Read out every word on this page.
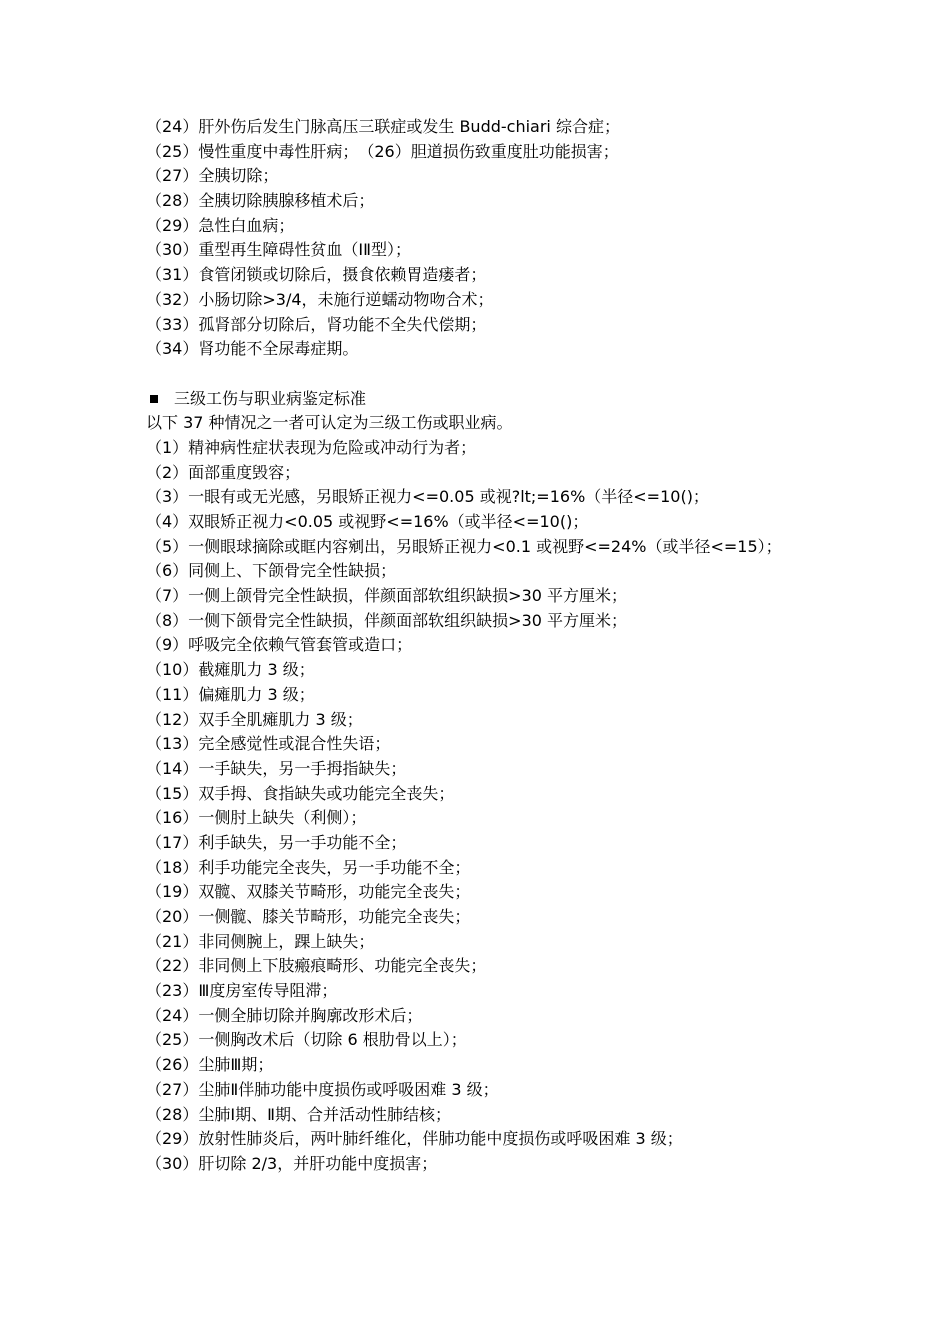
（24）肝外伤后发生门脉高压三联症或发生 Budd-chiari 综合症；
（25）慢性重度中毒性肝病；　（26）胆道损伤致重度肚功能损害；
（27）全胰切除；
（28）全胰切除胰腺移植术后；
（29）急性白血病；
（30）重型再生障碍性贫血（ⅠⅡ型）；
（31）食管闭锁或切除后，摄食依赖胃造瘘者；
（32）小肠切除>3/4，未施行逆蠕动物吻合术；
（33）孤肾部分切除后，肾功能不全失代偿期；
（34）肾功能不全尿毒症期。
三级工伤与职业病鉴定标准
以下 37 种情况之一者可认定为三级工伤或职业病。
（1）精神病性症状表现为危险或冲动行为者；
（2）面部重度毁容；
（3）一眼有或无光感，另眼矫正视力<=0.05 或视?lt;=16%（半径<=10()；
（4）双眼矫正视力<0.05 或视野<=16%（或半径<=10()；
（5）一侧眼球摘除或眶内容剜出，另眼矫正视力<0.1 或视野<=24%（或半径<=15）；
（6）同侧上、下颌骨完全性缺损；
（7）一侧上颌骨完全性缺损，伴颜面部软组织缺损>30 平方厘米；
（8）一侧下颌骨完全性缺损，伴颜面部软组织缺损>30 平方厘米；
（9）呼吸完全依赖气管套管或造口；
（10）截瘫肌力 3 级；
（11）偏瘫肌力 3 级；
（12）双手全肌瘫肌力 3 级；
（13）完全感觉性或混合性失语；
（14）一手缺失，另一手拇指缺失；
（15）双手拇、食指缺失或功能完全丧失；
（16）一侧肘上缺失（利侧）；
（17）利手缺失，另一手功能不全；
（18）利手功能完全丧失，另一手功能不全；
（19）双髋、双膝关节畸形，功能完全丧失；
（20）一侧髋、膝关节畸形，功能完全丧失；
（21）非同侧腕上，踝上缺失；
（22）非同侧上下肢瘢痕畸形、功能完全丧失；
（23）Ⅲ度房室传导阻滞；
（24）一侧全肺切除并胸廓改形术后；
（25）一侧胸改术后（切除 6 根肋骨以上）；
（26）尘肺Ⅲ期；
（27）尘肺Ⅱ伴肺功能中度损伤或呼吸困难 3 级；
（28）尘肺Ⅰ期、Ⅱ期、合并活动性肺结核；
（29）放射性肺炎后，两叶肺纤维化，伴肺功能中度损伤或呼吸困难 3 级；
（30）肝切除 2/3，并肝功能中度损害；
